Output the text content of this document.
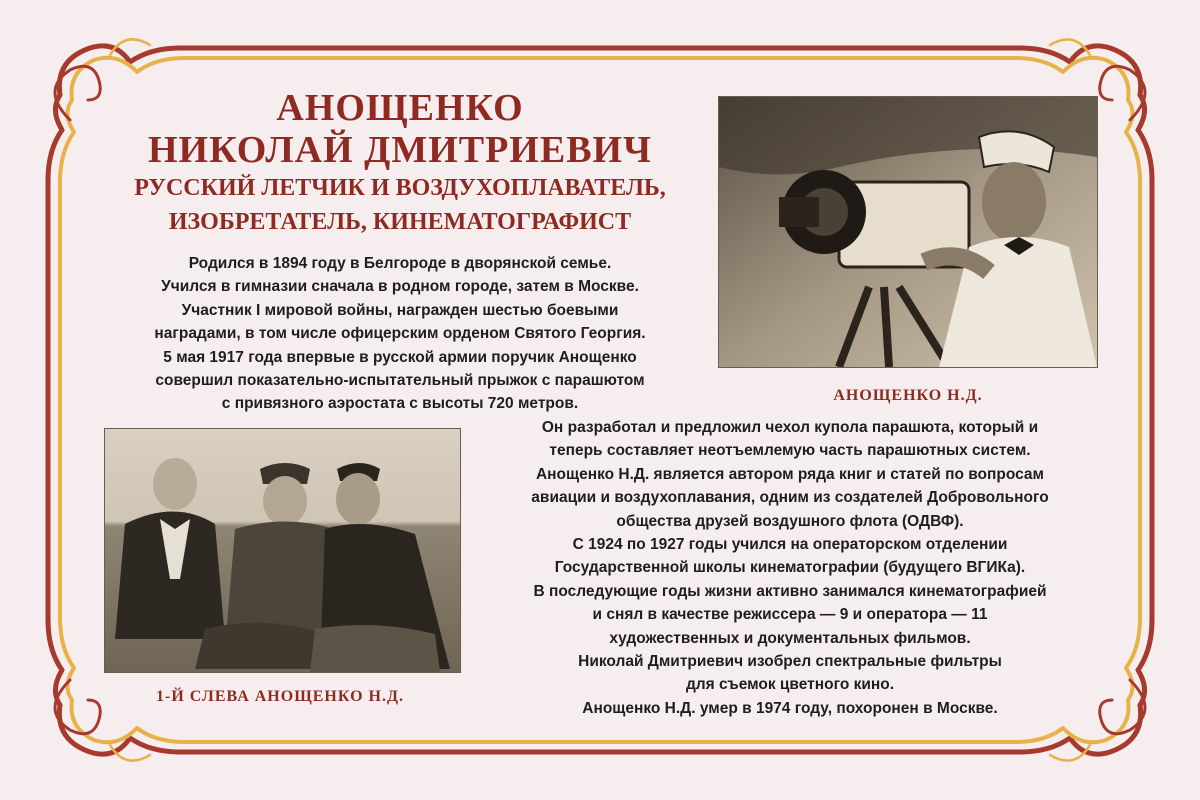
АНОЩЕНКО
НИКОЛАЙ ДМИТРИЕВИЧ
РУССКИЙ ЛЕТЧИК И ВОЗДУХОПЛАВАТЕЛЬ,
ИЗОБРЕТАТЕЛЬ, КИНЕМАТОГРАФИСТ
Родился в 1894 году в Белгороде в дворянской семье.
Учился в гимназии сначала в родном городе, затем в Москве.
Участник I мировой войны, награжден шестью боевыми
наградами, в том числе офицерским орденом Святого Георгия.
5 мая 1917 года впервые в русской армии поручик Анощенко
совершил показательно-испытательный прыжок с парашютом
с привязного аэростата с высоты 720 метров.	АНОЩЕНКО Н.Д.
1-Й СЛЕВА АНОЩЕНКО Н.Д.
Он разработал и предложил чехол купола парашюта, который и
теперь составляет неотъемлемую часть парашютных систем.
Анощенко Н.Д. является автором ряда книг и статей по вопросам
авиации и воздухоплавания, одним из создателей Добровольного
общества друзей воздушного флота (ОДВФ).
С 1924 по 1927 годы учился на операторском отделении
Государственной школы кинематографии (будущего ВГИКа).
В последующие годы жизни активно занимался кинематографией
и снял в качестве режиссера — 9 и оператора — 11
художественных и документальных фильмов.
Николай Дмитриевич изобрел спектральные фильтры
для съемок цветного кино.
Анощенко Н.Д. умер в 1974 году, похоронен в Москве.
